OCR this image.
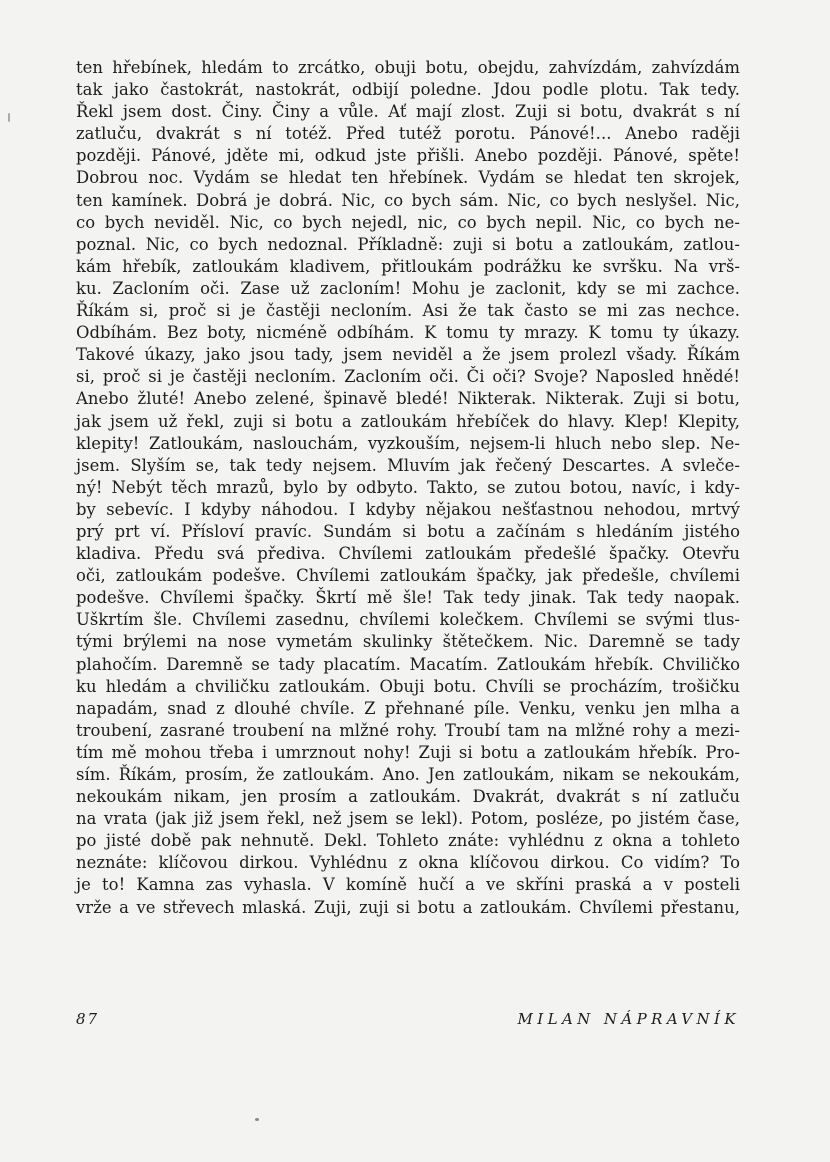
ten hřebínek, hledám to zrcátko, obuji botu, obejdu, zahvízdám, zahvízdám
tak jako častokrát, nastokrát, odbijí poledne. Jdou podle plotu. Tak tedy.
Řekl jsem dost. Činy. Činy a vůle. Ať mají zlost. Zuji si botu, dvakrát s ní
zatluču, dvakrát s ní totéž. Před tutéž porotu. Pánové!... Anebo raději
později. Pánové, jděte mi, odkud jste přišli. Anebo později. Pánové, spěte!
Dobrou noc. Vydám se hledat ten hřebínek. Vydám se hledat ten skrojek,
ten kamínek. Dobrá je dobrá. Nic, co bych sám. Nic, co bych neslyšel. Nic,
co bych neviděl. Nic, co bych nejedl, nic, co bych nepil. Nic, co bych ne-
poznal. Nic, co bych nedoznal. Příkladně: zuji si botu a zatloukám, zatlou-
kám hřebík, zatloukám kladivem, přitloukám podrážku ke svršku. Na vrš-
ku. Zacloním oči. Zase už zacloním! Mohu je zaclonit, kdy se mi zachce.
Říkám si, proč si je častěji necloním. Asi že tak často se mi zas nechce.
Odbíhám. Bez boty, nicméně odbíhám. K tomu ty mrazy. K tomu ty úkazy.
Takové úkazy, jako jsou tady, jsem neviděl a že jsem prolezl všady. Říkám
si, proč si je častěji necloním. Zacloním oči. Či oči? Svoje? Naposled hnědé!
Anebo žluté! Anebo zelené, špinavě bledé! Nikterak. Nikterak. Zuji si botu,
jak jsem už řekl, zuji si botu a zatloukám hřebíček do hlavy. Klep! Klepity,
klepity! Zatloukám, naslouchám, vyzkouším, nejsem-li hluch nebo slep. Ne-
jsem. Slyším se, tak tedy nejsem. Mluvím jak řečený Descartes. A svleče-
ný! Nebýt těch mrazů, bylo by odbyto. Takto, se zutou botou, navíc, i kdy-
by sebevíc. I kdyby náhodou. I kdyby nějakou nešťastnou nehodou, mrtvý
prý prt ví. Přísloví pravíc. Sundám si botu a začínám s hledáním jistého
kladiva. Předu svá přediva. Chvílemi zatloukám předešlé špačky. Otevřu
oči, zatloukám podešve. Chvílemi zatloukám špačky, jak předešle, chvílemi
podešve. Chvílemi špačky. Škrtí mě šle! Tak tedy jinak. Tak tedy naopak.
Uškrtím šle. Chvílemi zasednu, chvílemi kolečkem. Chvílemi se svými tlus-
tými brýlemi na nose vymetám skulinky štětečkem. Nic. Daremně se tady
plahočím. Daremně se tady placatím. Macatím. Zatloukám hřebík. Chviličko
ku hledám a chviličku zatloukám. Obuji botu. Chvíli se procházím, trošičku
napadám, snad z dlouhé chvíle. Z přehnané píle. Venku, venku jen mlha a
troubení, zasrané troubení na mlžné rohy. Troubí tam na mlžné rohy a mezi-
tím mě mohou třeba i umrznout nohy! Zuji si botu a zatloukám hřebík. Pro-
sím. Říkám, prosím, že zatloukám. Ano. Jen zatloukám, nikam se nekoukám,
nekoukám nikam, jen prosím a zatloukám. Dvakrát, dvakrát s ní zatluču
na vrata (jak již jsem řekl, než jsem se lekl). Potom, posléze, po jistém čase,
po jisté době pak nehnutě. Dekl. Tohleto znáte: vyhlédnu z okna a tohleto
neznáte: klíčovou dirkou. Vyhlédnu z okna klíčovou dirkou. Co vidím? To
je to! Kamna zas vyhasla. V komíně hučí a ve skříni praská a v posteli
vrže a ve střevech mlaská. Zuji, zuji si botu a zatloukám. Chvílemi přestanu,
87	MILAN NÁPRAVNÍK
